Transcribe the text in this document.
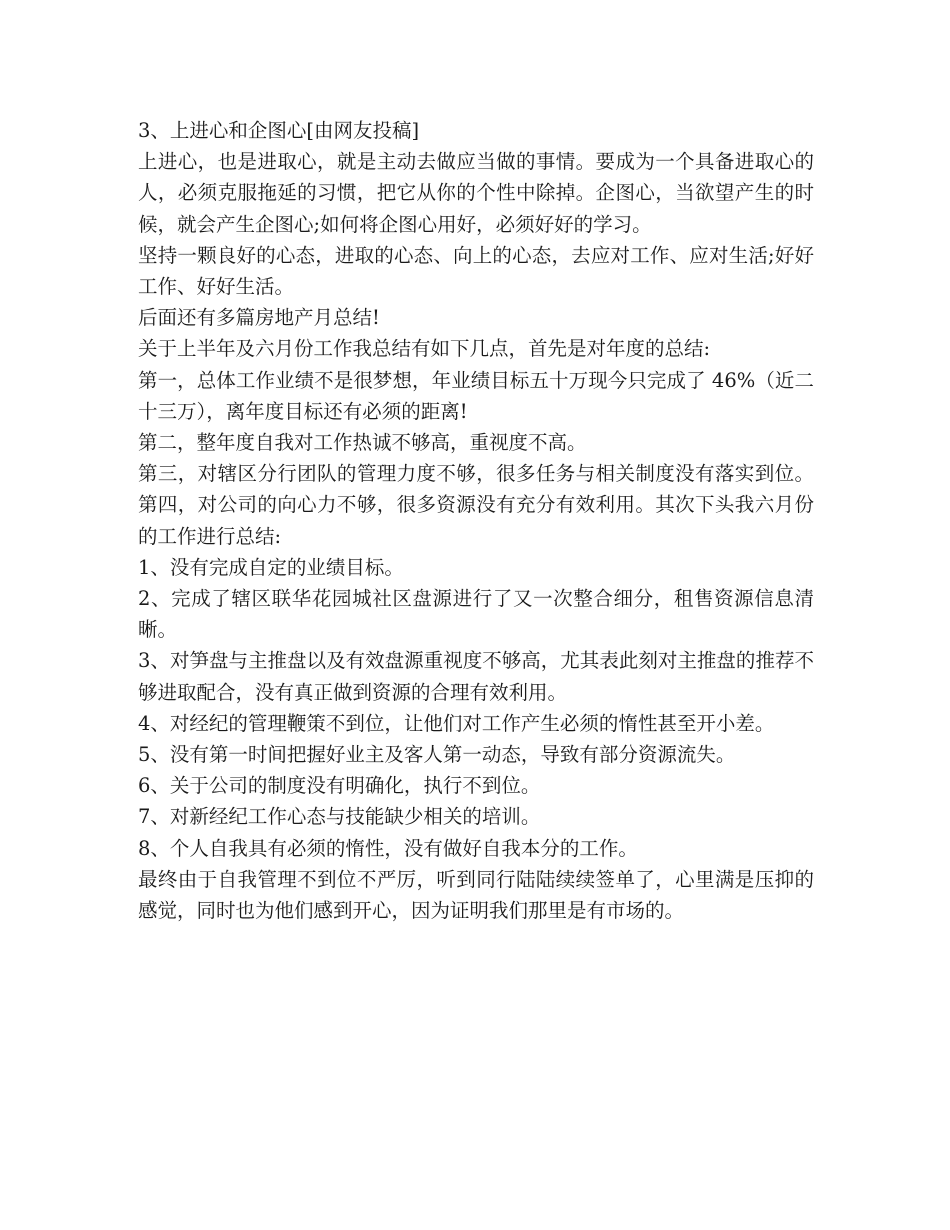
3、上进心和企图心[由网友投稿]

上进心，也是进取心，就是主动去做应当做的事情。要成为一个具备进取心的人，必须克服拖延的习惯，把它从你的个性中除掉。企图心，当欲望产生的时候，就会产生企图心;如何将企图心用好，必须好好的学习。

坚持一颗良好的心态，进取的心态、向上的心态，去应对工作、应对生活;好好工作、好好生活。

后面还有多篇房地产月总结!

关于上半年及六月份工作我总结有如下几点，首先是对年度的总结:

第一，总体工作业绩不是很梦想，年业绩目标五十万现今只完成了 46%（近二十三万），离年度目标还有必须的距离!

第二，整年度自我对工作热诚不够高，重视度不高。

第三，对辖区分行团队的管理力度不够，很多任务与相关制度没有落实到位。第四，对公司的向心力不够，很多资源没有充分有效利用。其次下头我六月份的工作进行总结:

1、没有完成自定的业绩目标。

2、完成了辖区联华花园城社区盘源进行了又一次整合细分，租售资源信息清晰。

3、对笋盘与主推盘以及有效盘源重视度不够高，尤其表此刻对主推盘的推荐不够进取配合，没有真正做到资源的合理有效利用。

4、对经纪的管理鞭策不到位，让他们对工作产生必须的惰性甚至开小差。

5、没有第一时间把握好业主及客人第一动态，导致有部分资源流失。

6、关于公司的制度没有明确化，执行不到位。

7、对新经纪工作心态与技能缺少相关的培训。

8、个人自我具有必须的惰性，没有做好自我本分的工作。

最终由于自我管理不到位不严厉，听到同行陆陆续续签单了，心里满是压抑的感觉，同时也为他们感到开心，因为证明我们那里是有市场的。
